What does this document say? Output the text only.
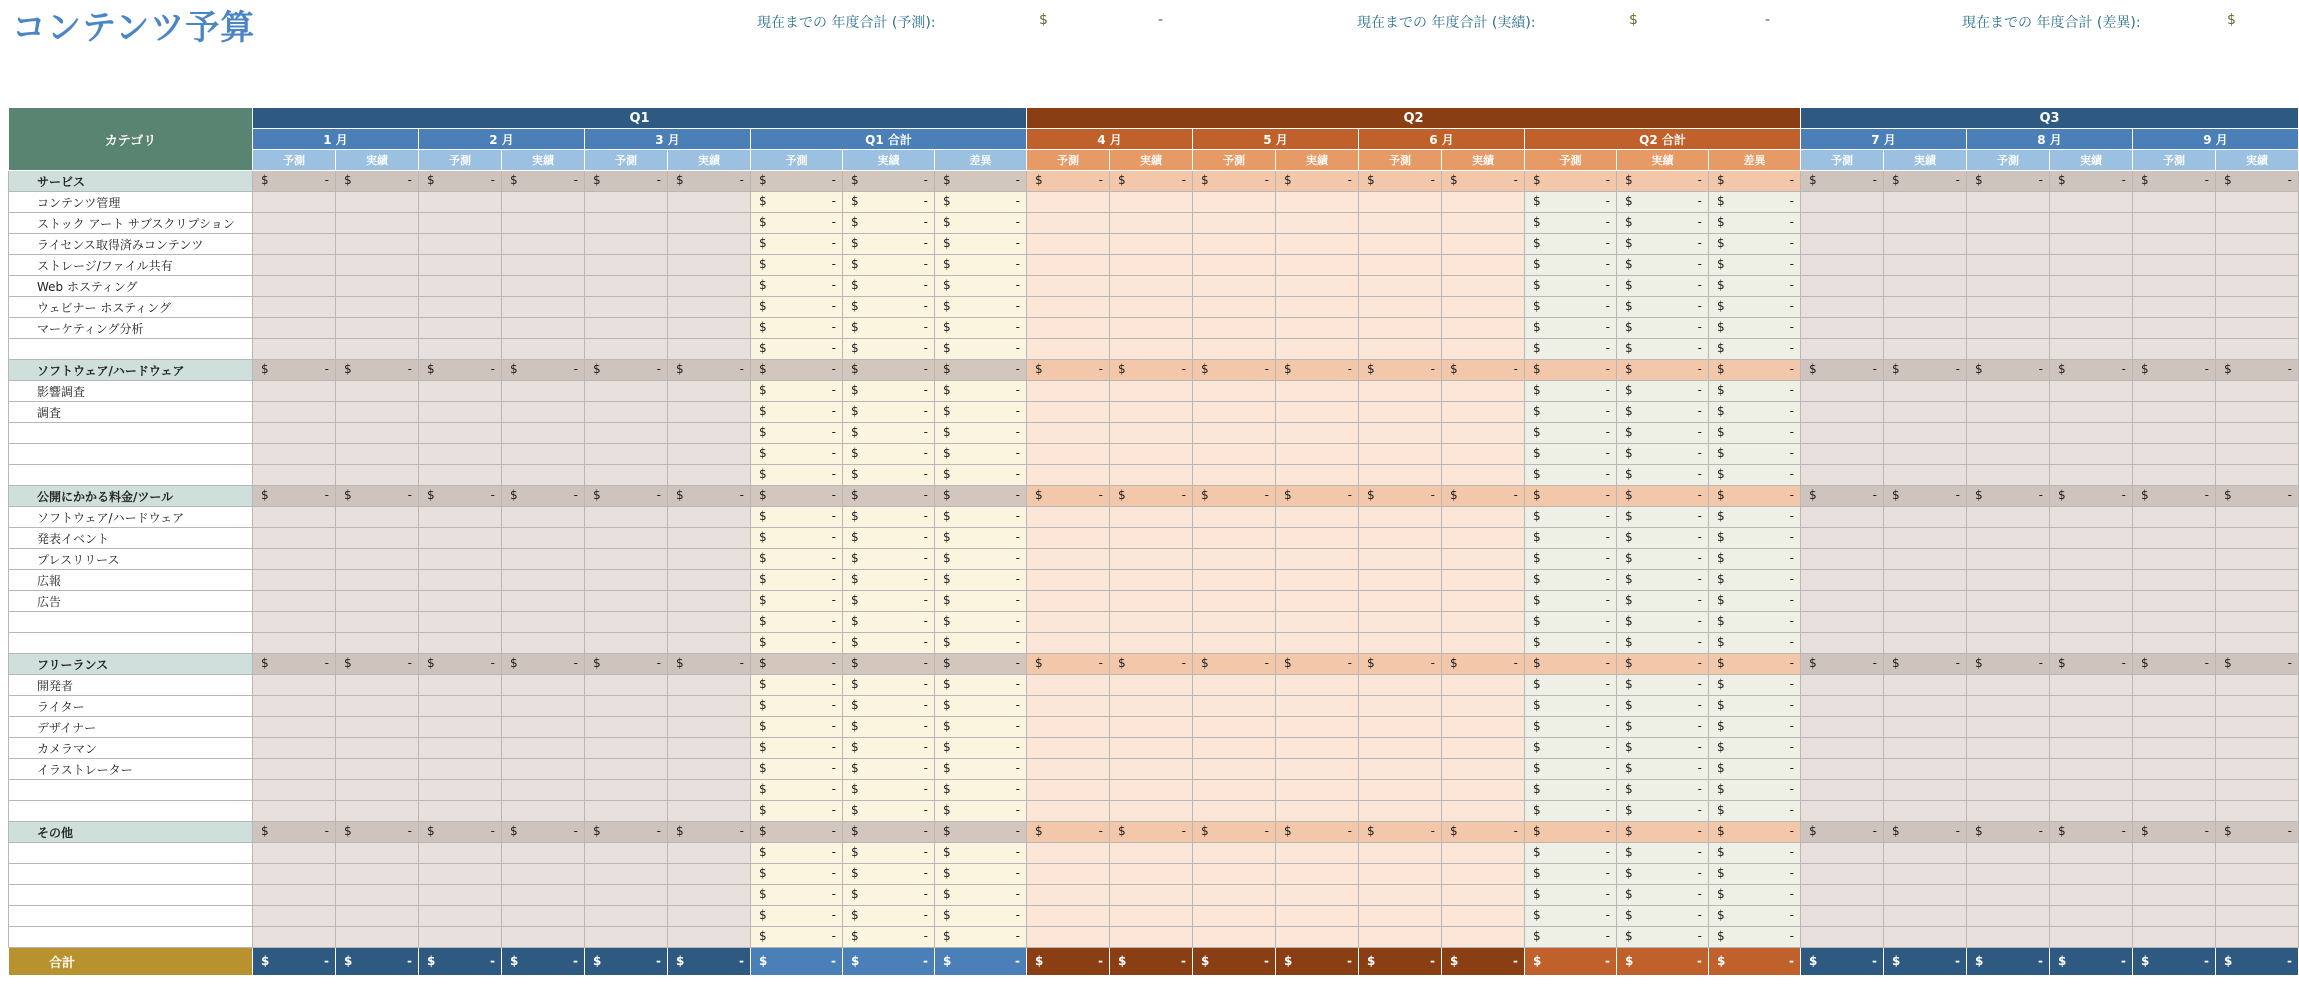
コンテンツ予算	現在までの 年度合計 (予測):	$	-	現在までの 年度合計 (実績):	$	-	現在までの 年度合計 (差異):	$
カテゴリ	Q1									Q2									Q3					
	1 月		2 月		3 月		Q1 合計			4 月		5 月		6 月		Q2 合計			7 月		8 月		9 月	
	予測	実績	予測	実績	予測	実績	予測	実績	差異	予測	実績	予測	実績	予測	実績	予測	実績	差異	予測	実績	予測	実績	予測	実績
サービス	$ -	$ -	$ -	$ -	$ -	$ -	$ -	$ -	$ -	$ -	$ -	$ -	$ -	$ -	$ -	$ -	$ -	$ -	$ -	$ -	$ -	$ -	$ -	$ -

コンテンツ管理							$ -	$ -	$ -							$ -	$ -	$ -						

ストック アート サブスクリプション							$ -	$ -	$ -							$ -	$ -	$ -						

ライセンス取得済みコンテンツ							$ -	$ -	$ -							$ -	$ -	$ -						

ストレージ/ファイル共有							$ -	$ -	$ -							$ -	$ -	$ -						

Web ホスティング							$ -	$ -	$ -							$ -	$ -	$ -						

ウェビナー ホスティング							$ -	$ -	$ -							$ -	$ -	$ -						

マーケティング分析							$ -	$ -	$ -							$ -	$ -	$ -						

							$ -	$ -	$ -							$ -	$ -	$ -						

ソフトウェア/ハードウェア	$ -	$ -	$ -	$ -	$ -	$ -	$ -	$ -	$ -	$ -	$ -	$ -	$ -	$ -	$ -	$ -	$ -	$ -	$ -	$ -	$ -	$ -	$ -	$ -

影響調査							$ -	$ -	$ -							$ -	$ -	$ -						

調査							$ -	$ -	$ -							$ -	$ -	$ -						

							$ -	$ -	$ -							$ -	$ -	$ -						

							$ -	$ -	$ -							$ -	$ -	$ -						

							$ -	$ -	$ -							$ -	$ -	$ -						

公開にかかる料金/ツール	$ -	$ -	$ -	$ -	$ -	$ -	$ -	$ -	$ -	$ -	$ -	$ -	$ -	$ -	$ -	$ -	$ -	$ -	$ -	$ -	$ -	$ -	$ -	$ -

ソフトウェア/ハードウェア							$ -	$ -	$ -							$ -	$ -	$ -						

発表イベント							$ -	$ -	$ -							$ -	$ -	$ -						

プレスリリース							$ -	$ -	$ -							$ -	$ -	$ -						

広報							$ -	$ -	$ -							$ -	$ -	$ -						

広告							$ -	$ -	$ -							$ -	$ -	$ -						

							$ -	$ -	$ -							$ -	$ -	$ -						

							$ -	$ -	$ -							$ -	$ -	$ -						

フリーランス	$ -	$ -	$ -	$ -	$ -	$ -	$ -	$ -	$ -	$ -	$ -	$ -	$ -	$ -	$ -	$ -	$ -	$ -	$ -	$ -	$ -	$ -	$ -	$ -

開発者							$ -	$ -	$ -							$ -	$ -	$ -						

ライター							$ -	$ -	$ -							$ -	$ -	$ -						

デザイナー							$ -	$ -	$ -							$ -	$ -	$ -						

カメラマン							$ -	$ -	$ -							$ -	$ -	$ -						

イラストレーター							$ -	$ -	$ -							$ -	$ -	$ -						

							$ -	$ -	$ -							$ -	$ -	$ -						

							$ -	$ -	$ -							$ -	$ -	$ -						

その他	$ -	$ -	$ -	$ -	$ -	$ -	$ -	$ -	$ -	$ -	$ -	$ -	$ -	$ -	$ -	$ -	$ -	$ -	$ -	$ -	$ -	$ -	$ -	$ -

							$ -	$ -	$ -							$ -	$ -	$ -						

							$ -	$ -	$ -							$ -	$ -	$ -						

							$ -	$ -	$ -							$ -	$ -	$ -						

							$ -	$ -	$ -							$ -	$ -	$ -						

							$ -	$ -	$ -							$ -	$ -	$ -						

合計	$ -	$ -	$ -	$ -	$ -	$ -	$ -	$ -	$ -	$ -	$ -	$ -	$ -	$ -	$ -	$ -	$ -	$ -	$ -	$ -	$ -	$ -	$ -	$ -
